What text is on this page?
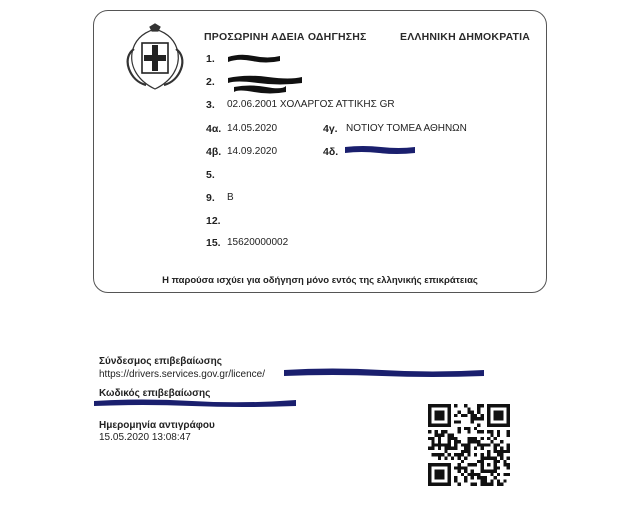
ΠΡΟΣΩΡΙΝΗ ΑΔΕΙΑ ΟΔΗΓΗΣΗΣ	ΕΛΛΗΝΙΚΗ ΔΗΜΟΚΡΑΤΙΑ
1.
2.
3. 02.06.2001 ΧΟΛΑΡΓΟΣ ΑΤΤΙΚΗΣ GR
4α. 14.05.2020	4γ. ΝΟΤΙΟΥ ΤΟΜΕΑ ΑΘΗΝΩΝ
4β. 14.09.2020	4δ.
5.
9. B
12.
15. 15620000002
Η παρούσα ισχύει για οδήγηση μόνο εντός της ελληνικής επικράτειας
Σύνδεσμος επιβεβαίωσης
https://drivers.services.gov.gr/licence/
Κωδικός επιβεβαίωσης
Ημερομηνία αντιγράφου
15.05.2020 13:08:47
